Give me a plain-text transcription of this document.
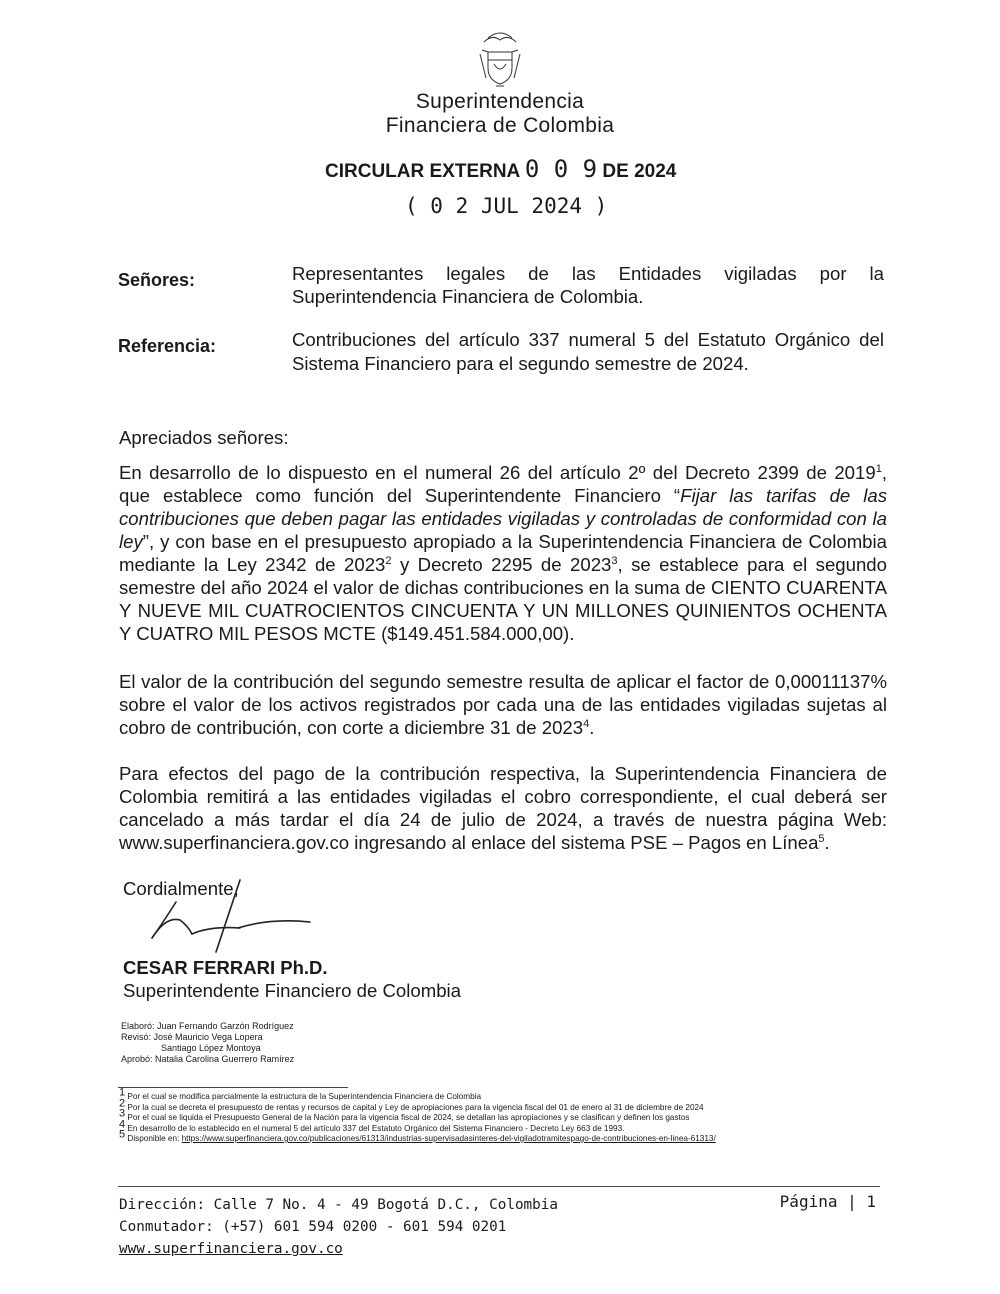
Superintendencia
Financiera de Colombia
CIRCULAR EXTERNA 0 0 9 DE 2024
( 0 2 JUL 2024 )
Señores:	Representantes legales de las Entidades vigiladas por la
Superintendencia Financiera de Colombia.
Referencia:	Contribuciones del artículo 337 numeral 5 del Estatuto Orgánico del
Sistema Financiero para el segundo semestre de 2024.
Apreciados señores:
En desarrollo de lo dispuesto en el numeral 26 del artículo 2º del Decreto 2399 de 2019$^1$, que establece como función del Superintendente Financiero “Fijar las tarifas de las contribuciones que deben pagar las entidades vigiladas y controladas de conformidad con la ley”, y con base en el presupuesto apropiado a la Superintendencia Financiera de Colombia mediante la Ley 2342 de 2023$^2$ y Decreto 2295 de 2023$^3$, se establece para el segundo semestre del año 2024 el valor de dichas contribuciones en la suma de CIENTO CUARENTA Y NUEVE MIL CUATROCIENTOS CINCUENTA Y UN MILLONES QUINIENTOS OCHENTA Y CUATRO MIL PESOS MCTE ($149.451.584.000,00).
El valor de la contribución del segundo semestre resulta de aplicar el factor de 0,00011137% sobre el valor de los activos registrados por cada una de las entidades vigiladas sujetas al cobro de contribución, con corte a diciembre 31 de 2023$^4$.
Para efectos del pago de la contribución respectiva, la Superintendencia Financiera de Colombia remitirá a las entidades vigiladas el cobro correspondiente, el cual deberá ser cancelado a más tardar el día 24 de julio de 2024, a través de nuestra página Web: www.superfinanciera.gov.co ingresando al enlace del sistema PSE – Pagos en Línea$^5$.
Cordialmente,
CESAR FERRARI Ph.D.
Superintendente Financiero de Colombia
Elaboró: Juan Fernando Garzón Rodríguez
Revisó: José Mauricio Vega Lopera
Santiago López Montoya
Aprobó: Natalia Carolina Guerrero Ramírez
$^1$ Por el cual se modifica parcialmente la estructura de la Superintendencia Financiera de Colombia
$^2$ Por la cual se decreta el presupuesto de rentas y recursos de capital y Ley de apropiaciones para la vigencia fiscal del 01 de enero al 31 de diciembre de 2024
$^3$ Por el cual se liquida el Presupuesto General de la Nación para la vigencia fiscal de 2024, se detallan las apropiaciones y se clasifican y definen los gastos
$^4$ En desarrollo de lo establecido en el numeral 5 del artículo 337 del Estatuto Orgánico del Sistema Financiero - Decreto Ley 663 de 1993.
$^5$ Disponible en: https://www.superfinanciera.gov.co/publicaciones/61313/industrias-supervisadasinteres-del-vigiladotramitespago-de-contribuciones-en-linea-61313/
Dirección: Calle 7 No. 4 - 49 Bogotá D.C., Colombia
Conmutador: (+57) 601 594 0200 - 601 594 0201
www.superfinanciera.gov.co
Página | 1
